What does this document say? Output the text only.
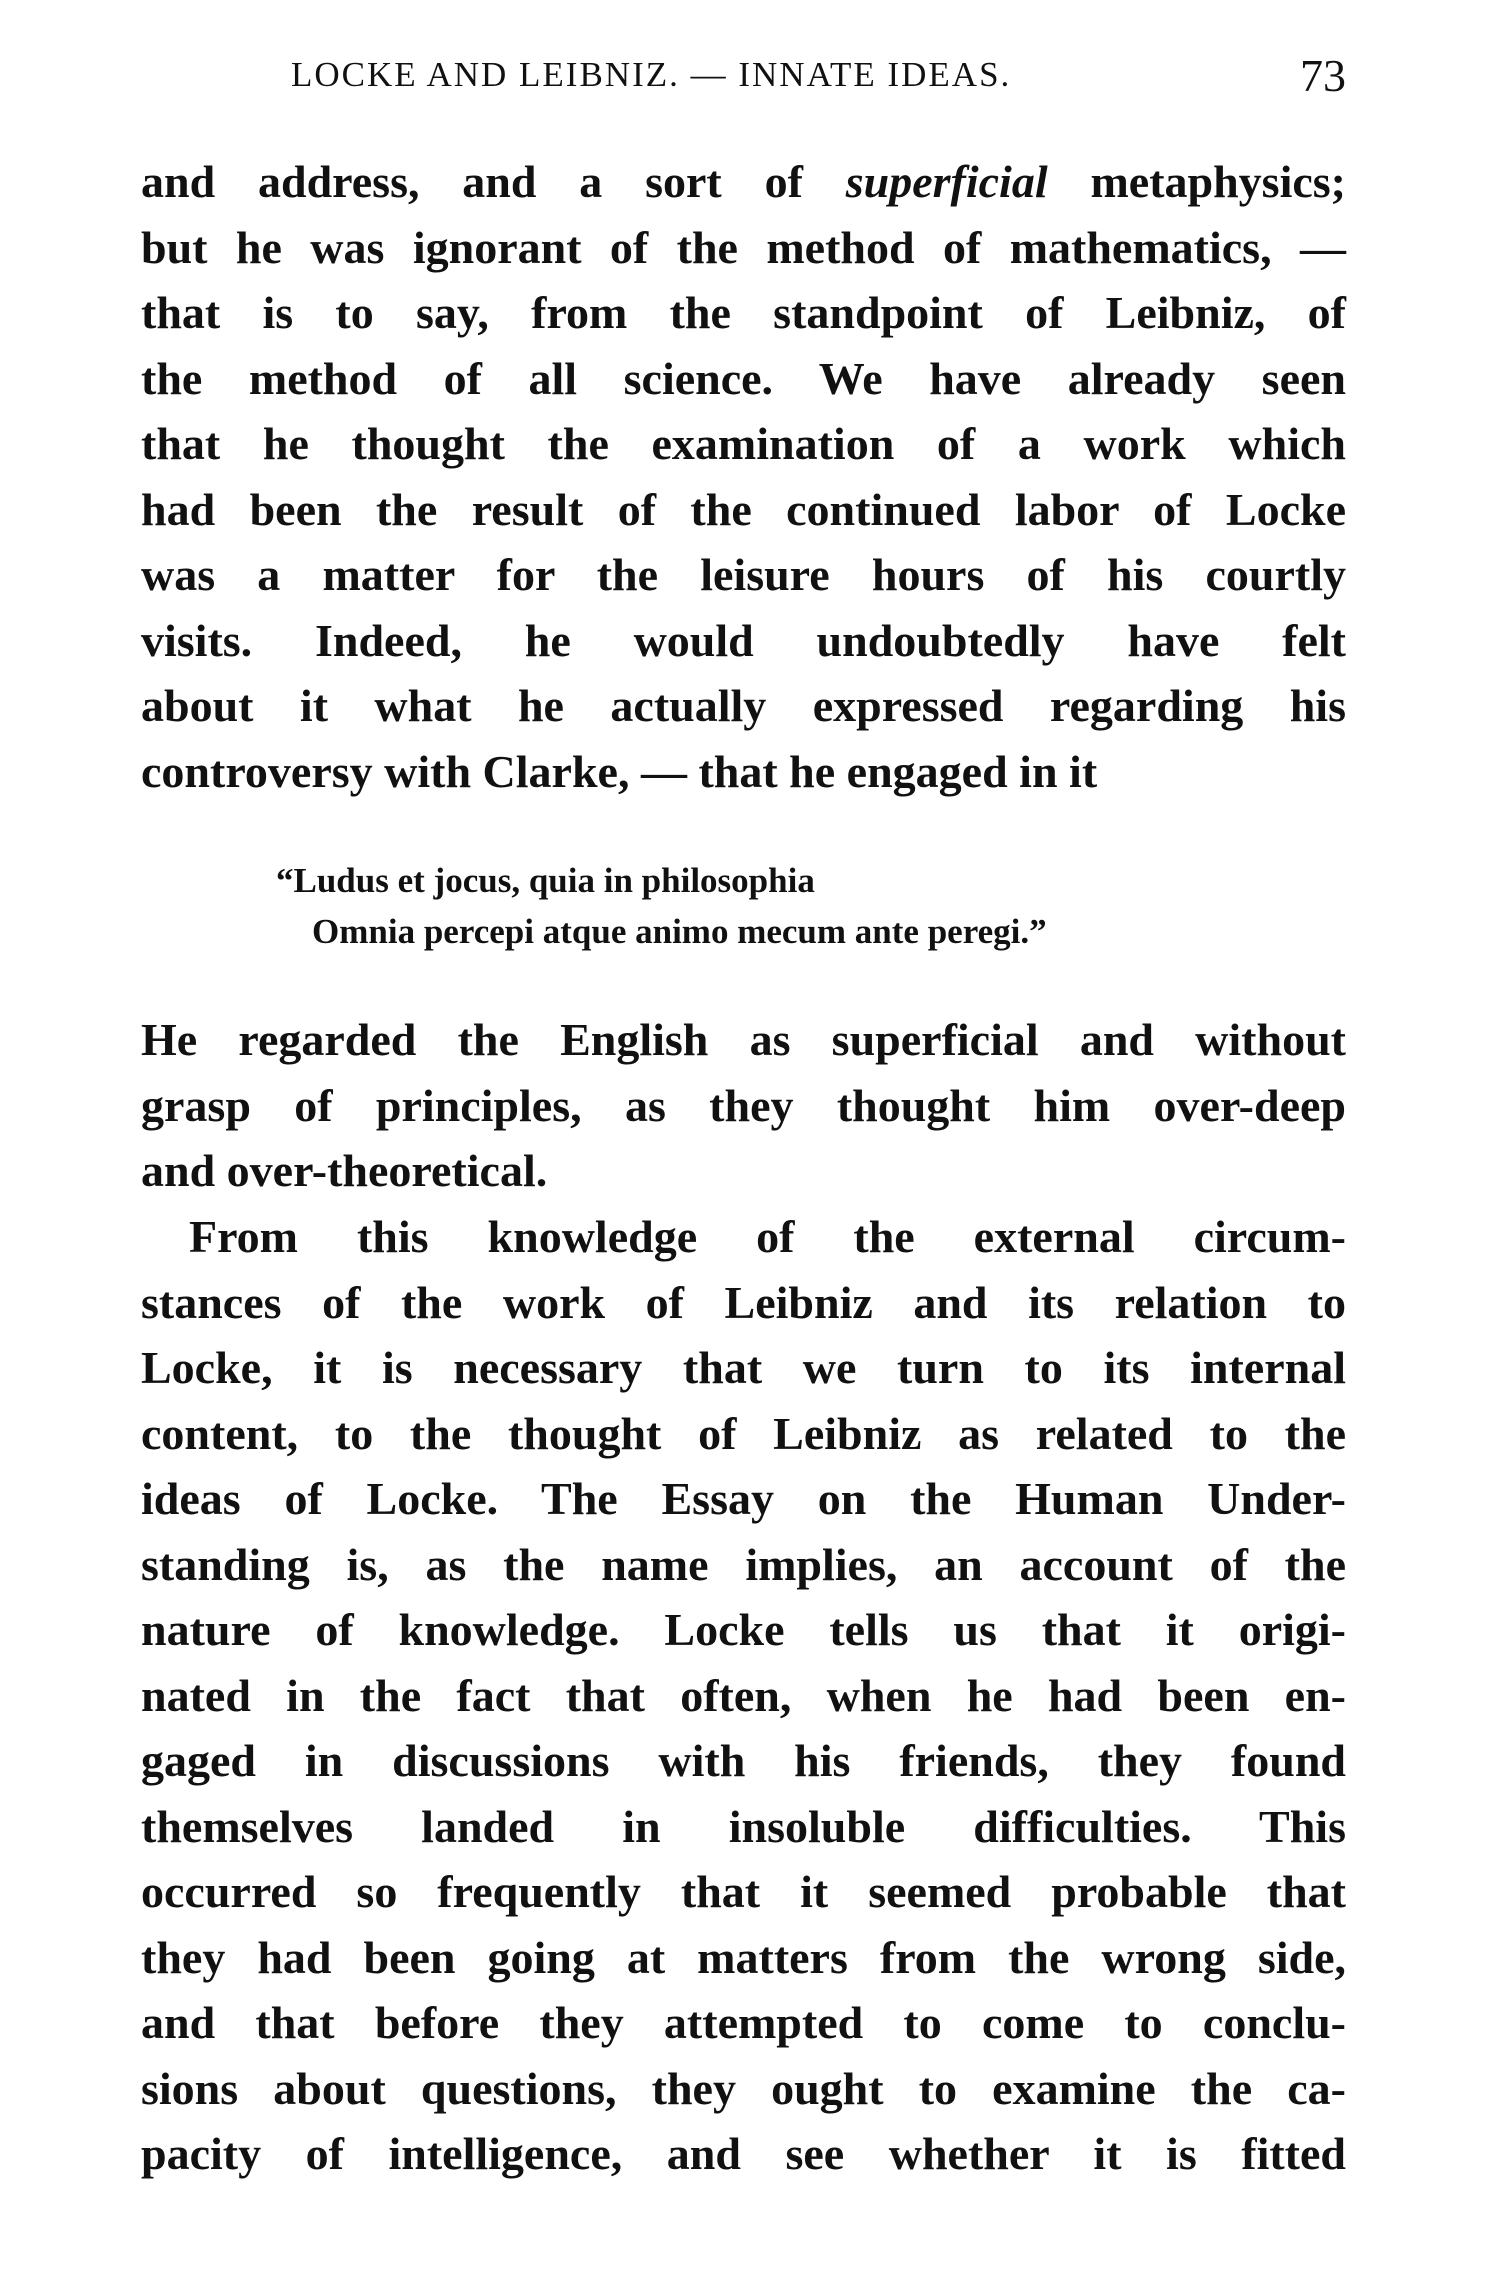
LOCKE AND LEIBNIZ. — INNATE IDEAS.	73
and address, and a sort of superficial metaphysics;
but he was ignorant of the method of mathematics, —
that is to say, from the standpoint of Leibniz, of
the method of all science. We have already seen
that he thought the examination of a work which
had been the result of the continued labor of Locke
was a matter for the leisure hours of his courtly
visits. Indeed, he would undoubtedly have felt
about it what he actually expressed regarding his
controversy with Clarke, — that he engaged in it
“Ludus et jocus, quia in philosophia
Omnia percepi atque animo mecum ante peregi.”
He regarded the English as superficial and without
grasp of principles, as they thought him over-deep
and over-theoretical.
From this knowledge of the external circum-
stances of the work of Leibniz and its relation to
Locke, it is necessary that we turn to its internal
content, to the thought of Leibniz as related to the
ideas of Locke. The Essay on the Human Under-
standing is, as the name implies, an account of the
nature of knowledge. Locke tells us that it origi-
nated in the fact that often, when he had been en-
gaged in discussions with his friends, they found
themselves landed in insoluble difficulties. This
occurred so frequently that it seemed probable that
they had been going at matters from the wrong side,
and that before they attempted to come to conclu-
sions about questions, they ought to examine the ca-
pacity of intelligence, and see whether it is fitted
